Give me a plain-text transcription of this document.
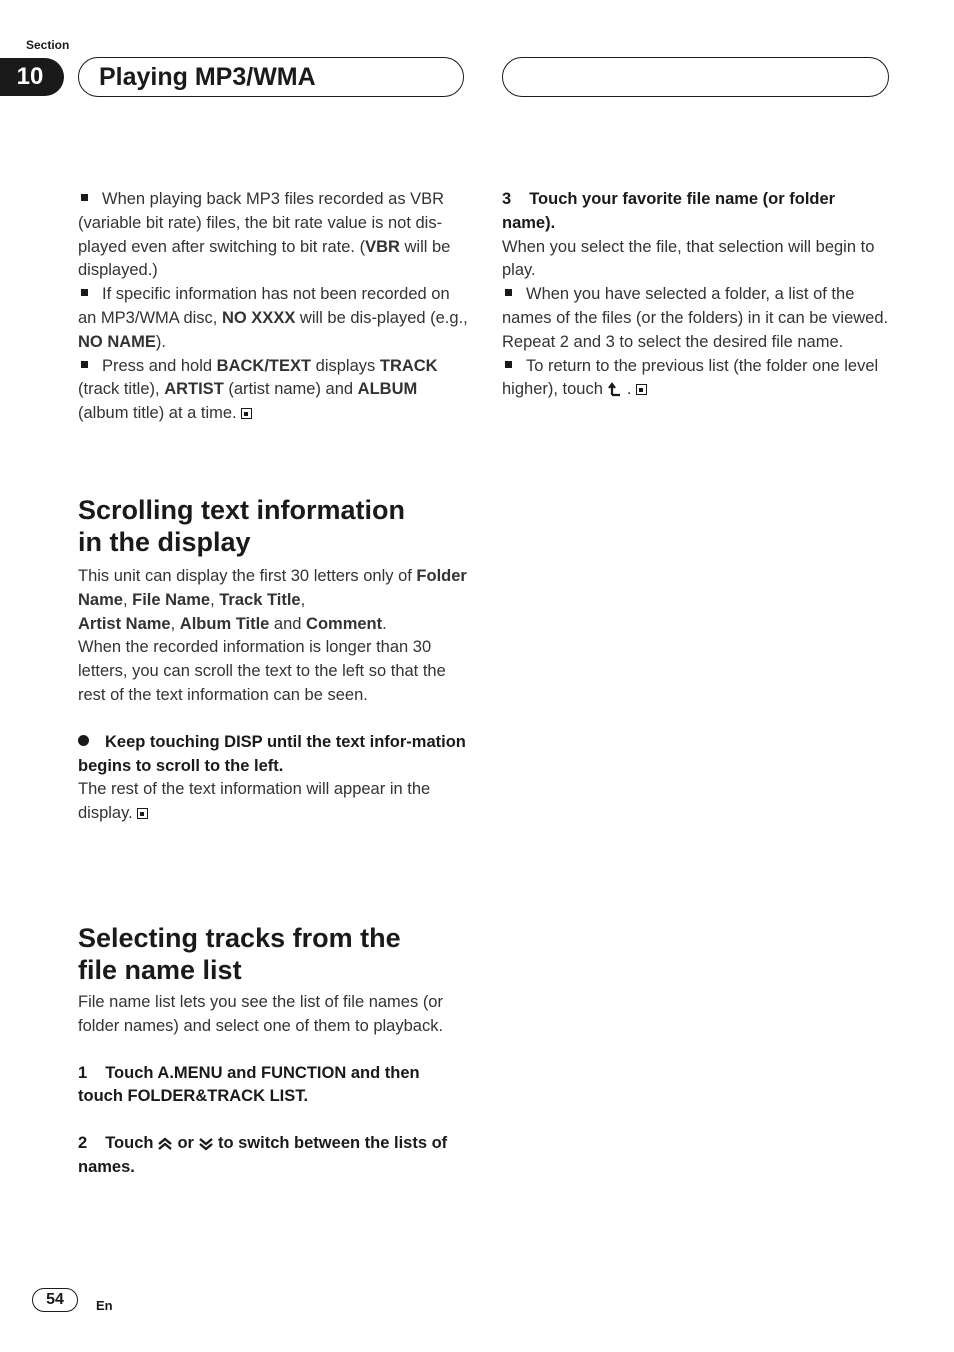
Section
10	Playing MP3/WMA

When playing back MP3 files recorded as VBR (variable bit rate) files, the bit rate value is not dis-played even after switching to bit rate. (VBR will be displayed.)

If specific information has not been recorded on an MP3/WMA disc, NO XXXX will be dis-played (e.g., NO NAME).

Press and hold BACK/TEXT displays TRACK (track title), ARTIST (artist name) and ALBUM (album title) at a time.

Scrolling text information
in the display

This unit can display the first 30 letters only of Folder Name, File Name, Track Title,
Artist Name, Album Title and Comment.

When the recorded information is longer than 30 letters, you can scroll the text to the left so that the rest of the text information can be seen.

Keep touching DISP until the text infor-mation begins to scroll to the left.

The rest of the text information will appear in the display.

Selecting tracks from the
file name list

File name list lets you see the list of file names (or folder names) and select one of them to playback.

1 Touch A.MENU and FUNCTION and then touch FOLDER&TRACK LIST.

2 Touch or to switch between the lists of names.

3 Touch your favorite file name (or folder name).

When you select the file, that selection will begin to play.

When you have selected a folder, a list of the names of the files (or the folders) in it can be viewed. Repeat 2 and 3 to select the desired file name.

To return to the previous list (the folder one level higher), touch .

54	En
